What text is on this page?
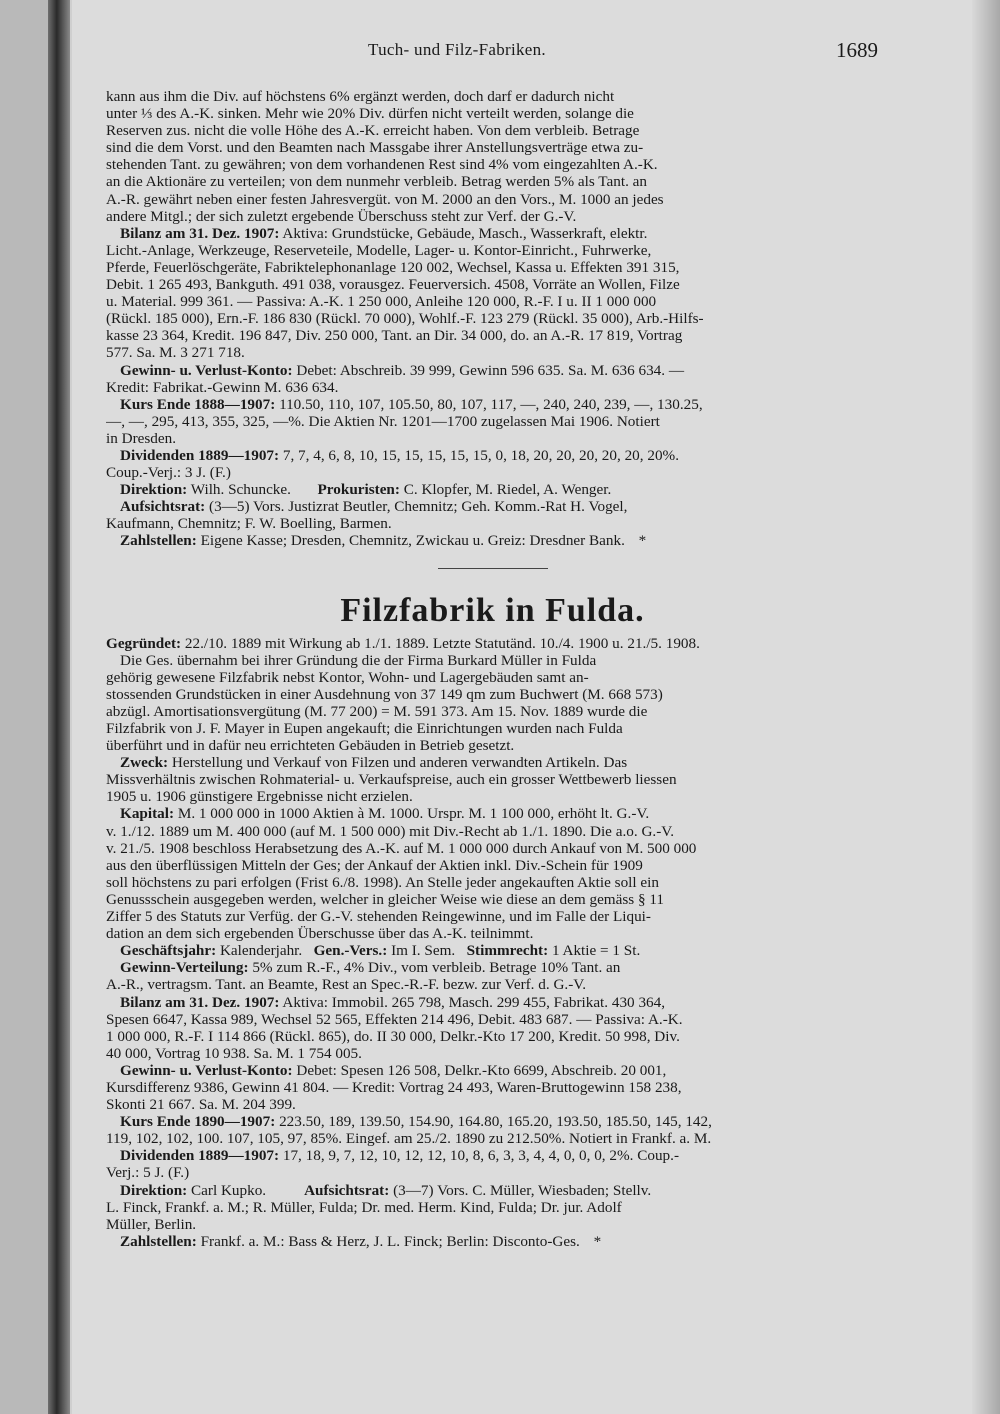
Tuch- und Filz-Fabriken.	1689
kann aus ihm die Div. auf höchstens 6% ergänzt werden, doch darf er dadurch nicht
unter ⅓ des A.-K. sinken. Mehr wie 20% Div. dürfen nicht verteilt werden, solange die
Reserven zus. nicht die volle Höhe des A.-K. erreicht haben. Von dem verbleib. Betrage
sind die dem Vorst. und den Beamten nach Massgabe ihrer Anstellungsverträge etwa zu-
stehenden Tant. zu gewähren; von dem vorhandenen Rest sind 4% vom eingezahlten A.-K.
an die Aktionäre zu verteilen; von dem nunmehr verbleib. Betrag werden 5% als Tant. an
A.-R. gewährt neben einer festen Jahresvergüt. von M. 2000 an den Vors., M. 1000 an jedes
andere Mitgl.; der sich zuletzt ergebende Überschuss steht zur Verf. der G.-V.
Bilanz am 31. Dez. 1907: Aktiva: Grundstücke, Gebäude, Masch., Wasserkraft, elektr.
Licht.-Anlage, Werkzeuge, Reserveteile, Modelle, Lager- u. Kontor-Einricht., Fuhrwerke,
Pferde, Feuerlöschgeräte, Fabriktelephonanlage 120 002, Wechsel, Kassa u. Effekten 391 315,
Debit. 1 265 493, Bankguth. 491 038, vorausgez. Feuerversich. 4508, Vorräte an Wollen, Filze
u. Material. 999 361. — Passiva: A.-K. 1 250 000, Anleihe 120 000, R.-F. I u. II 1 000 000
(Rückl. 185 000), Ern.-F. 186 830 (Rückl. 70 000), Wohlf.-F. 123 279 (Rückl. 35 000), Arb.-Hilfs-
kasse 23 364, Kredit. 196 847, Div. 250 000, Tant. an Dir. 34 000, do. an A.-R. 17 819, Vortrag
577. Sa. M. 3 271 718.
Gewinn- u. Verlust-Konto: Debet: Abschreib. 39 999, Gewinn 596 635. Sa. M. 636 634. —
Kredit: Fabrikat.-Gewinn M. 636 634.
Kurs Ende 1888—1907: 110.50, 110, 107, 105.50, 80, 107, 117, —, 240, 240, 239, —, 130.25,
—, —, 295, 413, 355, 325, —%. Die Aktien Nr. 1201—1700 zugelassen Mai 1906. Notiert
in Dresden.
Dividenden 1889—1907: 7, 7, 4, 6, 8, 10, 15, 15, 15, 15, 15, 0, 18, 20, 20, 20, 20, 20, 20%.
Coup.-Verj.: 3 J. (F.)
Direktion: Wilh. Schuncke. Prokuristen: C. Klopfer, M. Riedel, A. Wenger.
Aufsichtsrat: (3—5) Vors. Justizrat Beutler, Chemnitz; Geh. Komm.-Rat H. Vogel,
Kaufmann, Chemnitz; F. W. Boelling, Barmen.
Zahlstellen: Eigene Kasse; Dresden, Chemnitz, Zwickau u. Greiz: Dresdner Bank. *
Filzfabrik in Fulda.
Gegründet: 22./10. 1889 mit Wirkung ab 1./1. 1889. Letzte Statutänd. 10./4. 1900 u. 21./5. 1908.
Die Ges. übernahm bei ihrer Gründung die der Firma Burkard Müller in Fulda
gehörig gewesene Filzfabrik nebst Kontor, Wohn- und Lagergebäuden samt an-
stossenden Grundstücken in einer Ausdehnung von 37 149 qm zum Buchwert (M. 668 573)
abzügl. Amortisationsvergütung (M. 77 200) = M. 591 373. Am 15. Nov. 1889 wurde die
Filzfabrik von J. F. Mayer in Eupen angekauft; die Einrichtungen wurden nach Fulda
überführt und in dafür neu errichteten Gebäuden in Betrieb gesetzt.
Zweck: Herstellung und Verkauf von Filzen und anderen verwandten Artikeln. Das
Missverhältnis zwischen Rohmaterial- u. Verkaufspreise, auch ein grosser Wettbewerb liessen
1905 u. 1906 günstigere Ergebnisse nicht erzielen.
Kapital: M. 1 000 000 in 1000 Aktien à M. 1000. Urspr. M. 1 100 000, erhöht lt. G.-V.
v. 1./12. 1889 um M. 400 000 (auf M. 1 500 000) mit Div.-Recht ab 1./1. 1890. Die a.o. G.-V.
v. 21./5. 1908 beschloss Herabsetzung des A.-K. auf M. 1 000 000 durch Ankauf von M. 500 000
aus den überflüssigen Mitteln der Ges; der Ankauf der Aktien inkl. Div.-Schein für 1909
soll höchstens zu pari erfolgen (Frist 6./8. 1998). An Stelle jeder angekauften Aktie soll ein
Genussschein ausgegeben werden, welcher in gleicher Weise wie diese an dem gemäss § 11
Ziffer 5 des Statuts zur Verfüg. der G.-V. stehenden Reingewinne, und im Falle der Liqui-
dation an dem sich ergebenden Überschusse über das A.-K. teilnimmt.
Geschäftsjahr: Kalenderjahr. Gen.-Vers.: Im I. Sem. Stimmrecht: 1 Aktie = 1 St.
Gewinn-Verteilung: 5% zum R.-F., 4% Div., vom verbleib. Betrage 10% Tant. an
A.-R., vertragsm. Tant. an Beamte, Rest an Spec.-R.-F. bezw. zur Verf. d. G.-V.
Bilanz am 31. Dez. 1907: Aktiva: Immobil. 265 798, Masch. 299 455, Fabrikat. 430 364,
Spesen 6647, Kassa 989, Wechsel 52 565, Effekten 214 496, Debit. 483 687. — Passiva: A.-K.
1 000 000, R.-F. I 114 866 (Rückl. 865), do. II 30 000, Delkr.-Kto 17 200, Kredit. 50 998, Div.
40 000, Vortrag 10 938. Sa. M. 1 754 005.
Gewinn- u. Verlust-Konto: Debet: Spesen 126 508, Delkr.-Kto 6699, Abschreib. 20 001,
Kursdifferenz 9386, Gewinn 41 804. — Kredit: Vortrag 24 493, Waren-Bruttogewinn 158 238,
Skonti 21 667. Sa. M. 204 399.
Kurs Ende 1890—1907: 223.50, 189, 139.50, 154.90, 164.80, 165.20, 193.50, 185.50, 145, 142,
119, 102, 102, 100. 107, 105, 97, 85%. Eingef. am 25./2. 1890 zu 212.50%. Notiert in Frankf. a. M.
Dividenden 1889—1907: 17, 18, 9, 7, 12, 10, 12, 12, 10, 8, 6, 3, 3, 4, 4, 0, 0, 0, 2%. Coup.-
Verj.: 5 J. (F.)
Direktion: Carl Kupko. Aufsichtsrat: (3—7) Vors. C. Müller, Wiesbaden; Stellv.
L. Finck, Frankf. a. M.; R. Müller, Fulda; Dr. med. Herm. Kind, Fulda; Dr. jur. Adolf
Müller, Berlin.
Zahlstellen: Frankf. a. M.: Bass & Herz, J. L. Finck; Berlin: Disconto-Ges. *
